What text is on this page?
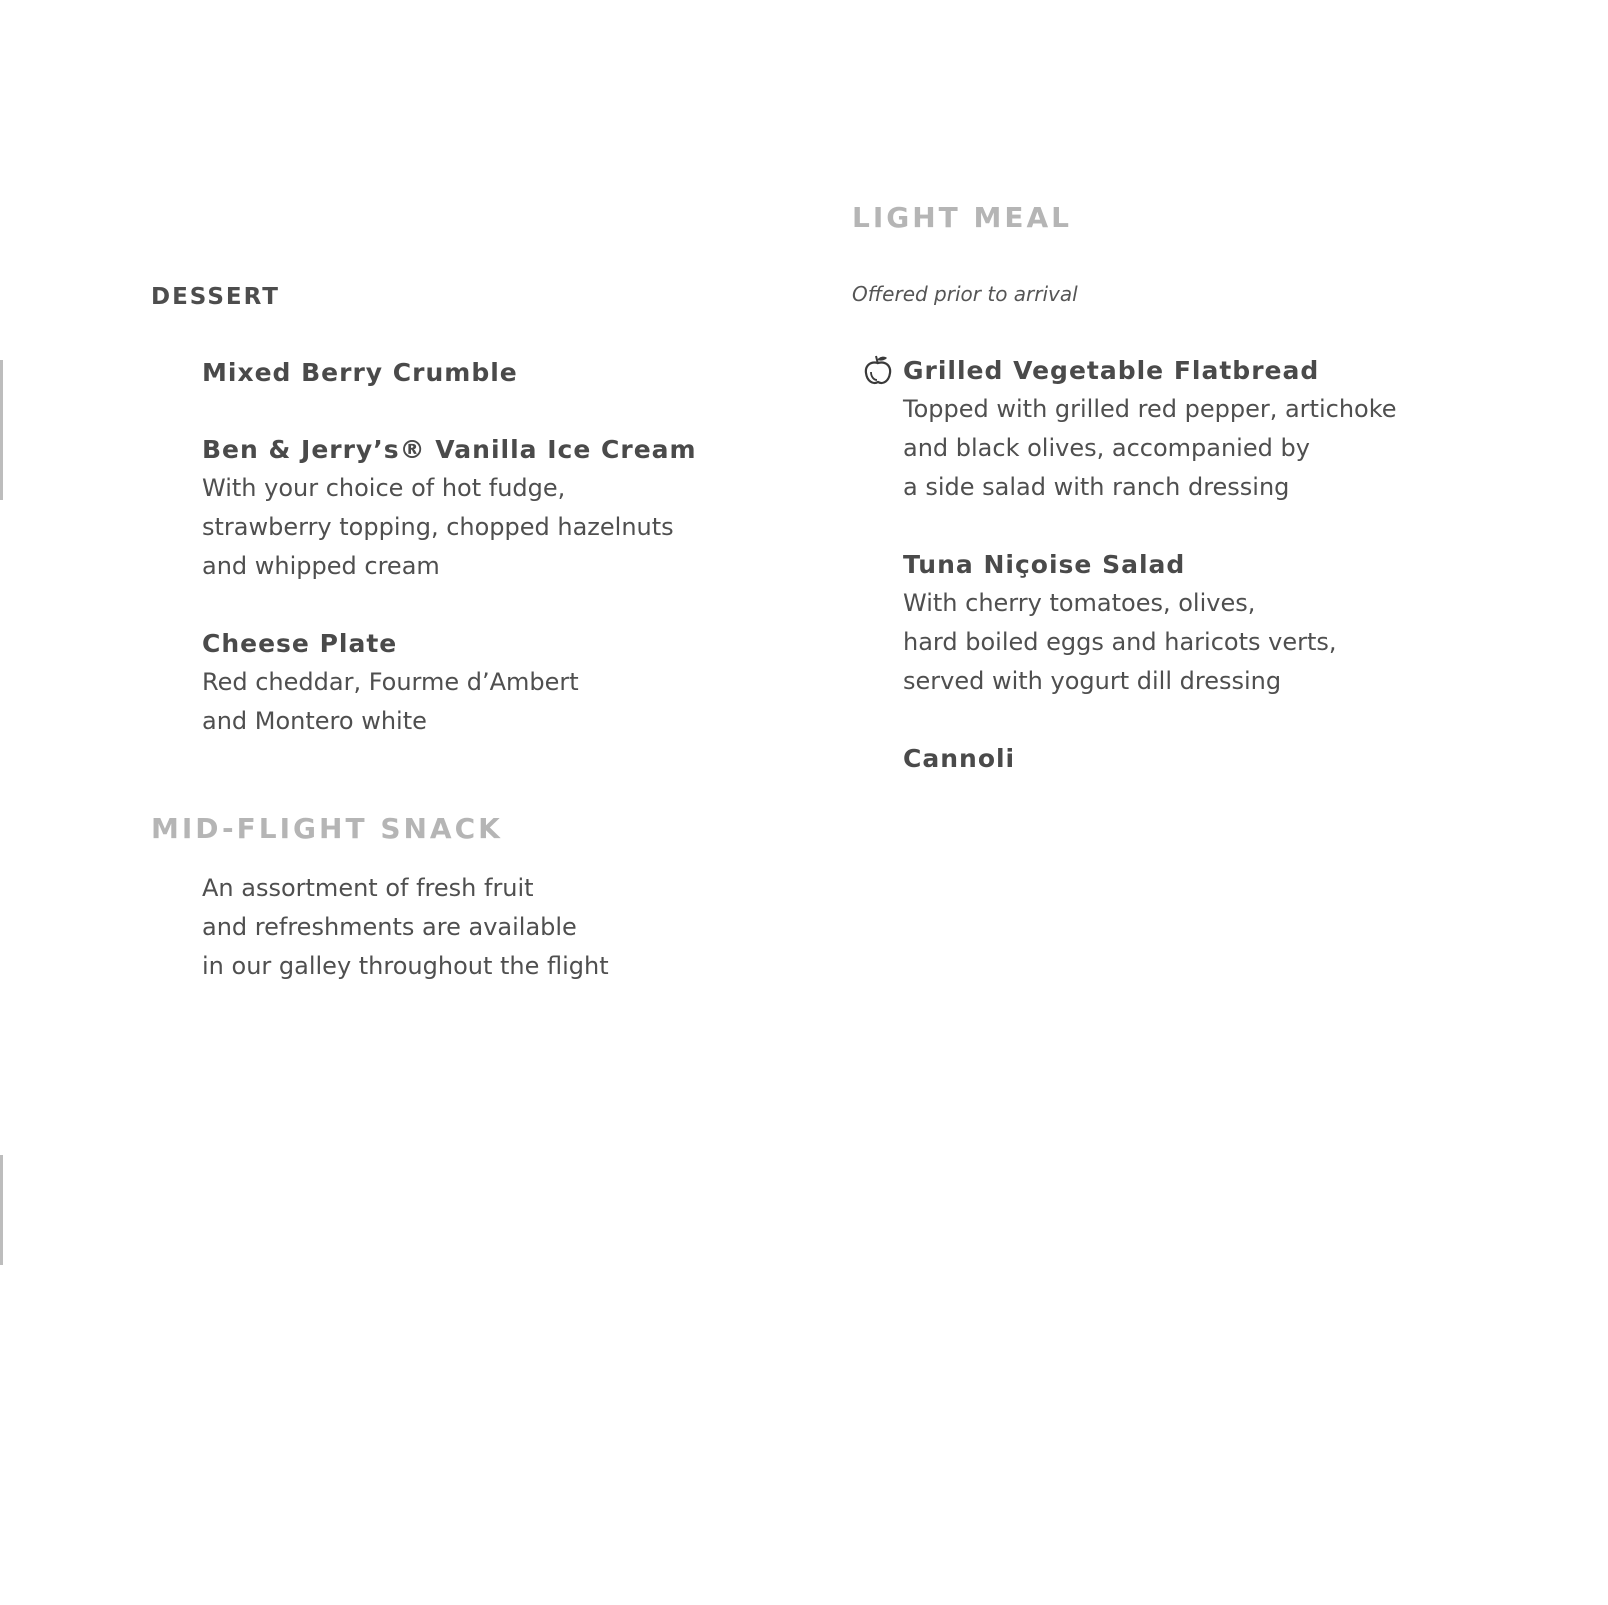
DESSERT

Mixed Berry Crumble

Ben & Jerry’s® Vanilla Ice Cream

With your choice of hot fudge,

strawberry topping, chopped hazelnuts

and whipped cream

Cheese Plate

Red cheddar, Fourme d’Ambert

and Montero white

MID-FLIGHT SNACK

An assortment of fresh fruit

and refreshments are available

in our galley throughout the flight

LIGHT MEAL

Offered prior to arrival

Grilled Vegetable Flatbread

Topped with grilled red pepper, artichoke

and black olives, accompanied by

a side salad with ranch dressing

Tuna Niçoise Salad

With cherry tomatoes, olives,

hard boiled eggs and haricots verts,

served with yogurt dill dressing

Cannoli
